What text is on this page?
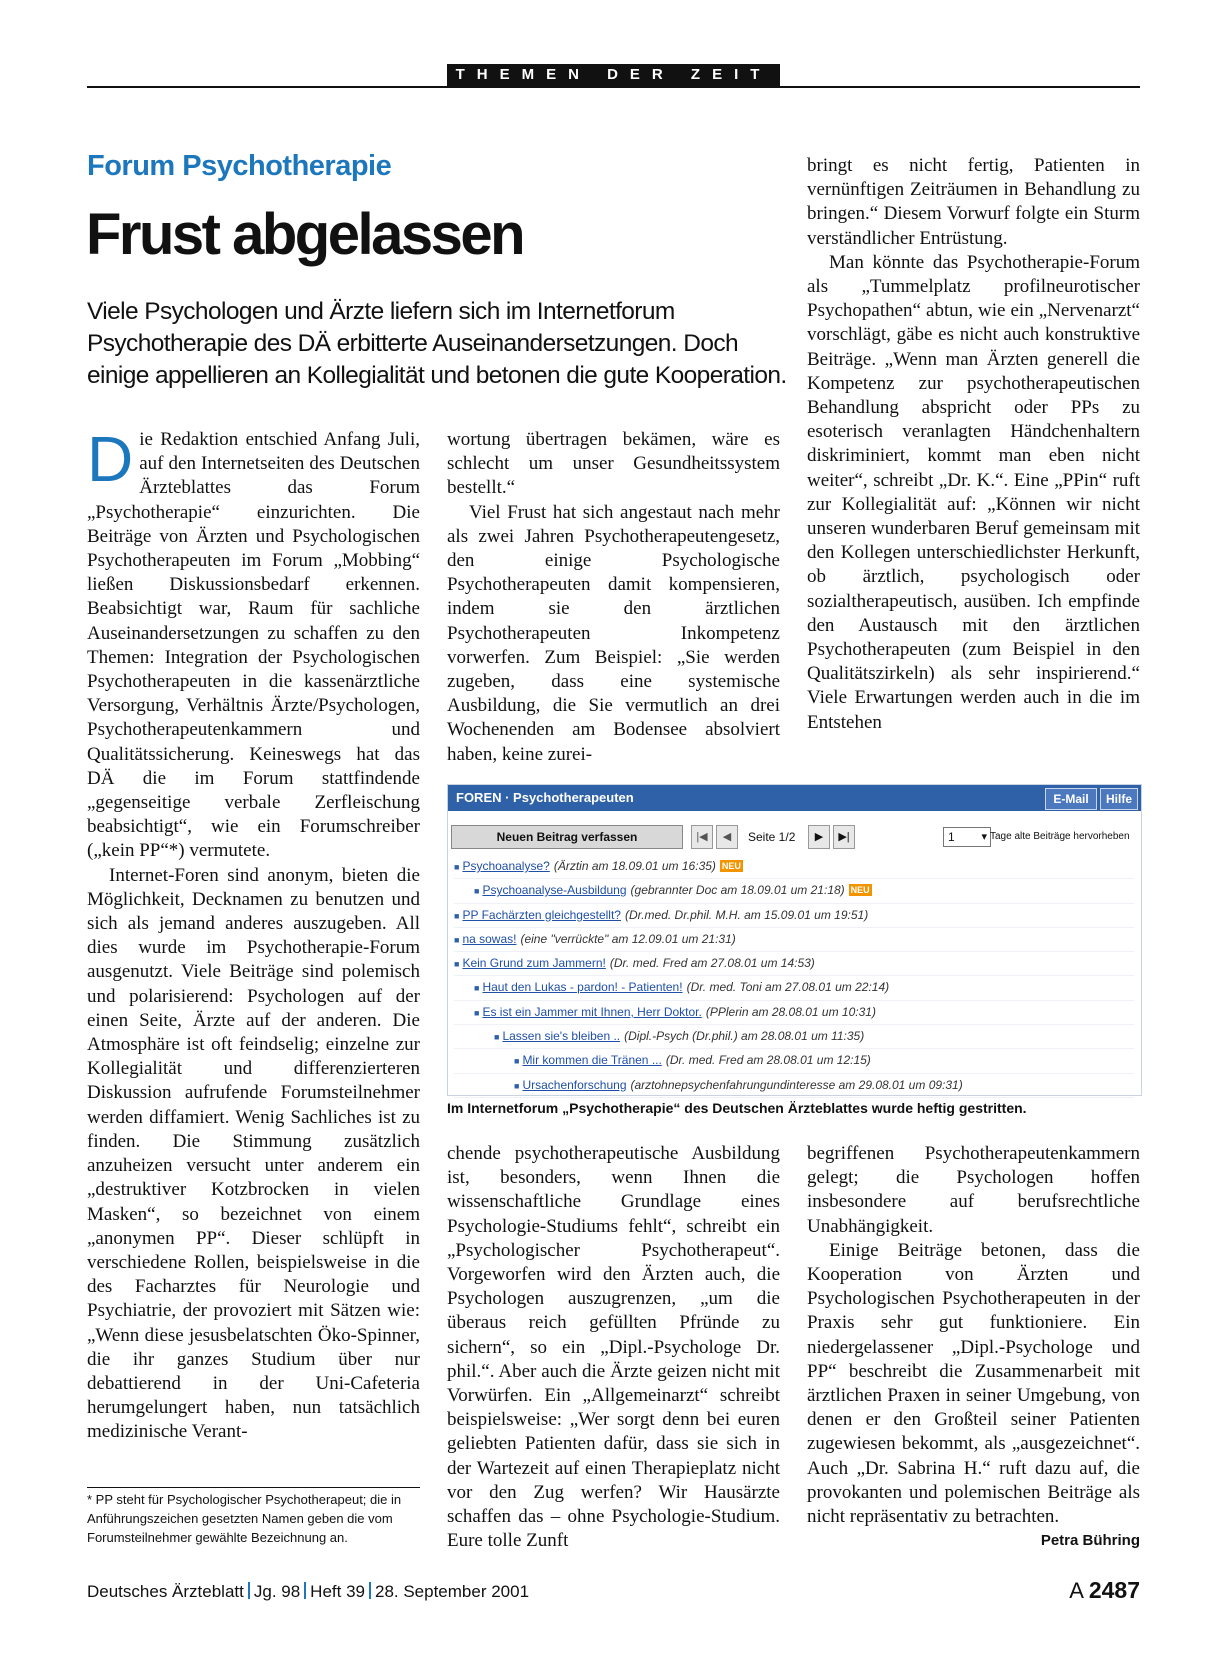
THEMEN DER ZEIT
Forum Psychotherapie
Frust abgelassen
Viele Psychologen und Ärzte liefern sich im Internetforum Psychotherapie des DÄ erbitterte Auseinandersetzungen. Doch einige appellieren an Kollegialität und betonen die gute Kooperation.

Die Redaktion entschied Anfang Juli, auf den Internetseiten des Deutschen Ärzteblattes das Forum „Psychotherapie“ einzurichten. Die Beiträge von Ärzten und Psychologischen Psychotherapeuten im Forum „Mobbing“ ließen Diskussionsbedarf erkennen. Beabsichtigt war, Raum für sachliche Auseinandersetzungen zu schaffen zu den Themen: Integration der Psychologischen Psychotherapeuten in die kassenärztliche Versorgung, Verhältnis Ärzte/Psychologen, Psychotherapeutenkammern und Qualitätssicherung. Keineswegs hat das DÄ die im Forum stattfindende „gegenseitige verbale Zerfleischung beabsichtigt“, wie ein Forumschreiber („kein PP“*) vermutete.

Internet-Foren sind anonym, bieten die Möglichkeit, Decknamen zu benutzen und sich als jemand anderes auszugeben. All dies wurde im Psychotherapie-Forum ausgenutzt. Viele Beiträge sind polemisch und polarisierend: Psychologen auf der einen Seite, Ärzte auf der anderen. Die Atmosphäre ist oft feindselig; einzelne zur Kollegialität und differenzierteren Diskussion aufrufende Forumsteilnehmer werden diffamiert. Wenig Sachliches ist zu finden. Die Stimmung zusätzlich anzuheizen versucht unter anderem ein „destruktiver Kotzbrocken in vielen Masken“, so bezeichnet von einem „anonymen PP“. Dieser schlüpft in verschiedene Rollen, beispielsweise in die des Facharztes für Neurologie und Psychiatrie, der provoziert mit Sätzen wie: „Wenn diese jesusbelatschten Öko-Spinner, die ihr ganzes Studium über nur debattierend in der Uni-Cafeteria herumgelungert haben, nun tatsächlich medizinische Verant-

wortung übertragen bekämen, wäre es schlecht um unser Gesundheitssystem bestellt.“

Viel Frust hat sich angestaut nach mehr als zwei Jahren Psychotherapeutengesetz, den einige Psychologische Psychotherapeuten damit kompensieren, indem sie den ärztlichen Psychotherapeuten Inkompetenz vorwerfen. Zum Beispiel: „Sie werden zugeben, dass eine systemische Ausbildung, die Sie vermutlich an drei Wochenenden am Bodensee absolviert haben, keine zurei-

bringt es nicht fertig, Patienten in vernünftigen Zeiträumen in Behandlung zu bringen.“ Diesem Vorwurf folgte ein Sturm verständlicher Entrüstung.

Man könnte das Psychotherapie-Forum als „Tummelplatz profilneurotischer Psychopathen“ abtun, wie ein „Nervenarzt“ vorschlägt, gäbe es nicht auch konstruktive Beiträge. „Wenn man Ärzten generell die Kompetenz zur psychotherapeutischen Behandlung abspricht oder PPs zu esoterisch veranlagten Händchenhaltern diskriminiert, kommt man eben nicht weiter“, schreibt „Dr. K.“. Eine „PPin“ ruft zur Kollegialität auf: „Können wir nicht unseren wunderbaren Beruf gemeinsam mit den Kollegen unterschiedlichster Herkunft, ob ärztlich, psychologisch oder sozialtherapeutisch, ausüben. Ich empfinde den Austausch mit den ärztlichen Psychotherapeuten (zum Beispiel in den Qualitätszirkeln) als sehr inspirierend.“ Viele Erwartungen werden auch in die im Entstehen

FOREN · Psychotherapeuten	E-Mail	Hilfe
Neuen Beitrag verfassen	|◀	◀	Seite 1/2	▶	▶|	1 ▾	Tage alte Beiträge hervorheben
■ Psychoanalyse? (Ärztin am 18.09.01 um 16:35) NEU
■ Psychoanalyse-Ausbildung (gebrannter Doc am 18.09.01 um 21:18) NEU
■ PP Fachärzten gleichgestellt? (Dr.med. Dr.phil. M.H. am 15.09.01 um 19:51)
■ na sowas! (eine "verrückte" am 12.09.01 um 21:31)
■ Kein Grund zum Jammern! (Dr. med. Fred am 27.08.01 um 14:53)
■ Haut den Lukas - pardon! - Patienten! (Dr. med. Toni am 27.08.01 um 22:14)
■ Es ist ein Jammer mit Ihnen, Herr Doktor. (PPlerin am 28.08.01 um 10:31)
■ Lassen sie's bleiben .. (Dipl.-Psych (Dr.phil.) am 28.08.01 um 11:35)
■ Mir kommen die Tränen ... (Dr. med. Fred am 28.08.01 um 12:15)
■ Ursachenforschung (arztohnepsychenfahrungundinteresse am 29.08.01 um 09:31)
Im Internetforum „Psychotherapie“ des Deutschen Ärzteblattes wurde heftig gestritten.

chende psychotherapeutische Ausbildung ist, besonders, wenn Ihnen die wissenschaftliche Grundlage eines Psychologie-Studiums fehlt“, schreibt ein „Psychologischer Psychotherapeut“. Vorgeworfen wird den Ärzten auch, die Psychologen auszugrenzen, „um die überaus reich gefüllten Pfründe zu sichern“, so ein „Dipl.-Psychologe Dr. phil.“. Aber auch die Ärzte geizen nicht mit Vorwürfen. Ein „Allgemeinarzt“ schreibt beispielsweise: „Wer sorgt denn bei euren geliebten Patienten dafür, dass sie sich in der Wartezeit auf einen Therapieplatz nicht vor den Zug werfen? Wir Hausärzte schaffen das – ohne Psychologie-Studium. Eure tolle Zunft

begriffenen Psychotherapeutenkammern gelegt; die Psychologen hoffen insbesondere auf berufsrechtliche Unabhängigkeit.

Einige Beiträge betonen, dass die Kooperation von Ärzten und Psychologischen Psychotherapeuten in der Praxis sehr gut funktioniere. Ein niedergelassener „Dipl.-Psychologe und PP“ beschreibt die Zusammenarbeit mit ärztlichen Praxen in seiner Umgebung, von denen er den Großteil seiner Patienten zugewiesen bekommt, als „ausgezeichnet“. Auch „Dr. Sabrina H.“ ruft dazu auf, die provokanten und polemischen Beiträge als nicht repräsentativ zu betrachten.
Petra Bühring

* PP steht für Psychologischer Psychotherapeut; die in Anführungszeichen gesetzten Namen geben die vom Forumsteilnehmer gewählte Bezeichnung an.
Deutsches Ärzteblatt Jg. 98 Heft 39 28. September 2001	A 2487
